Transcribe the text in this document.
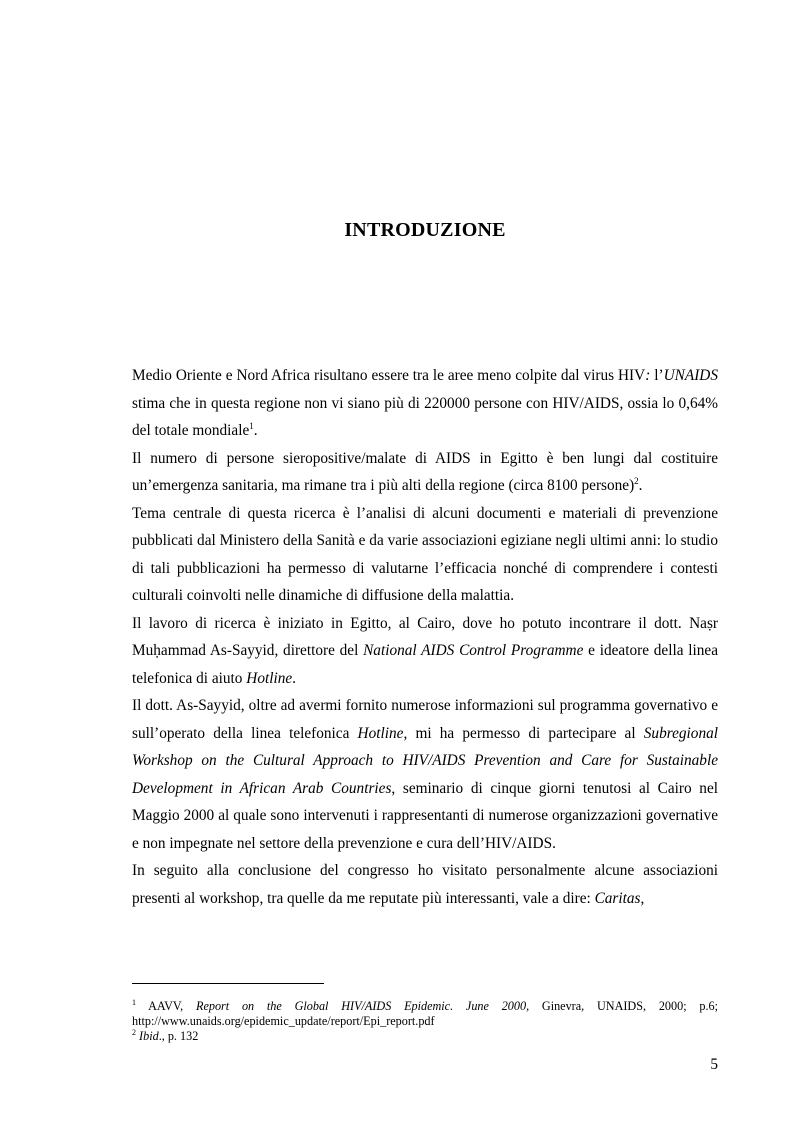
INTRODUZIONE

Medio Oriente e Nord Africa risultano essere tra le aree meno colpite dal virus HIV: l’UNAIDS stima che in questa regione non vi siano più di 220000 persone con HIV/AIDS, ossia lo 0,64% del totale mondiale$^1$.

Il numero di persone sieropositive/malate di AIDS in Egitto è ben lungi dal costituire un’emergenza sanitaria, ma rimane tra i più alti della regione (circa 8100 persone)$^2$.

Tema centrale di questa ricerca è l’analisi di alcuni documenti e materiali di prevenzione pubblicati dal Ministero della Sanità e da varie associazioni egiziane negli ultimi anni: lo studio di tali pubblicazioni ha permesso di valutarne l’efficacia nonché di comprendere i contesti culturali coinvolti nelle dinamiche di diffusione della malattia.

Il lavoro di ricerca è iniziato in Egitto, al Cairo, dove ho potuto incontrare il dott. Naṣr Muḥammad As-Sayyid, direttore del National AIDS Control Programme e ideatore della linea telefonica di aiuto Hotline.

Il dott. As-Sayyid, oltre ad avermi fornito numerose informazioni sul programma governativo e sull’operato della linea telefonica Hotline, mi ha permesso di partecipare al Subregional Workshop on the Cultural Approach to HIV/AIDS Prevention and Care for Sustainable Development in African Arab Countries, seminario di cinque giorni tenutosi al Cairo nel Maggio 2000 al quale sono intervenuti i rappresentanti di numerose organizzazioni governative e non impegnate nel settore della prevenzione e cura dell’HIV/AIDS.

In seguito alla conclusione del congresso ho visitato personalmente alcune associazioni presenti al workshop, tra quelle da me reputate più interessanti, vale a dire: Caritas,

$^1$ AAVV, Report on the Global HIV/AIDS Epidemic. June 2000, Ginevra, UNAIDS, 2000; p.6; http://www.unaids.org/epidemic_update/report/Epi_report.pdf

$^2$ Ibid., p. 132

5
